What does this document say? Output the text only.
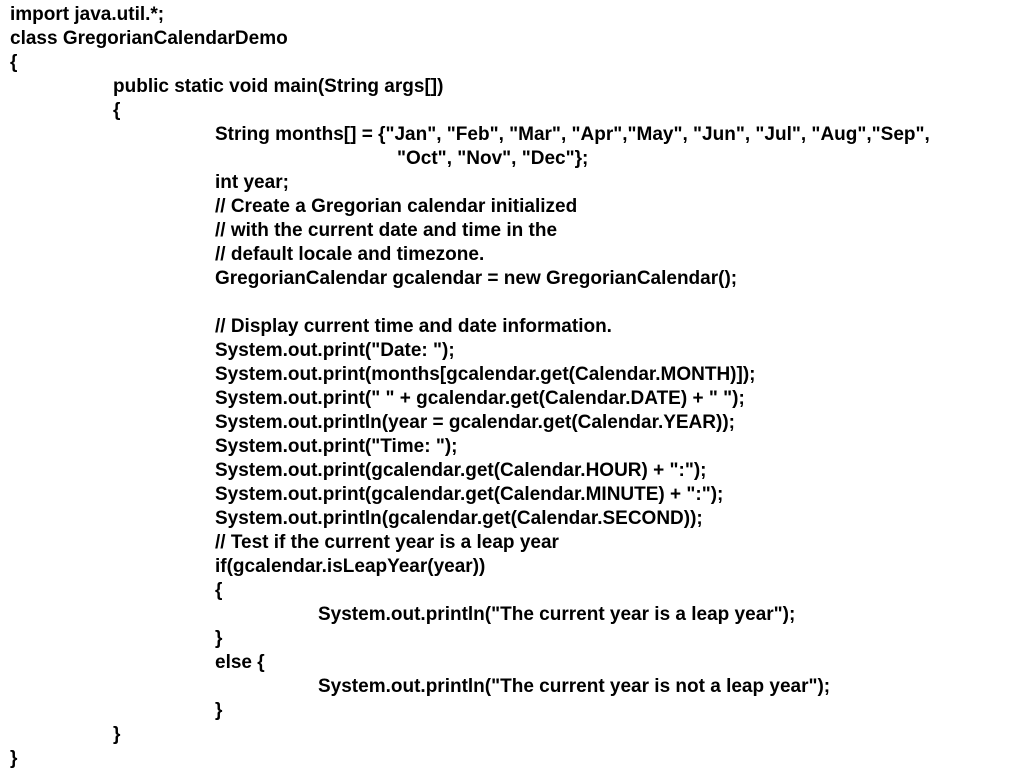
import java.util.*;
class GregorianCalendarDemo
{
public static void main(String args[])
{
String months[] = {"Jan", "Feb", "Mar", "Apr","May", "Jun", "Jul", "Aug","Sep",
"Oct", "Nov", "Dec"};
int year;
// Create a Gregorian calendar initialized
// with the current date and time in the
// default locale and timezone.
GregorianCalendar gcalendar = new GregorianCalendar();
// Display current time and date information.
System.out.print("Date: ");
System.out.print(months[gcalendar.get(Calendar.MONTH)]);
System.out.print(" " + gcalendar.get(Calendar.DATE) + " ");
System.out.println(year = gcalendar.get(Calendar.YEAR));
System.out.print("Time: ");
System.out.print(gcalendar.get(Calendar.HOUR) + ":");
System.out.print(gcalendar.get(Calendar.MINUTE) + ":");
System.out.println(gcalendar.get(Calendar.SECOND));
// Test if the current year is a leap year
if(gcalendar.isLeapYear(year))
{
System.out.println("The current year is a leap year");
}
else {
System.out.println("The current year is not a leap year");
}
}
}
